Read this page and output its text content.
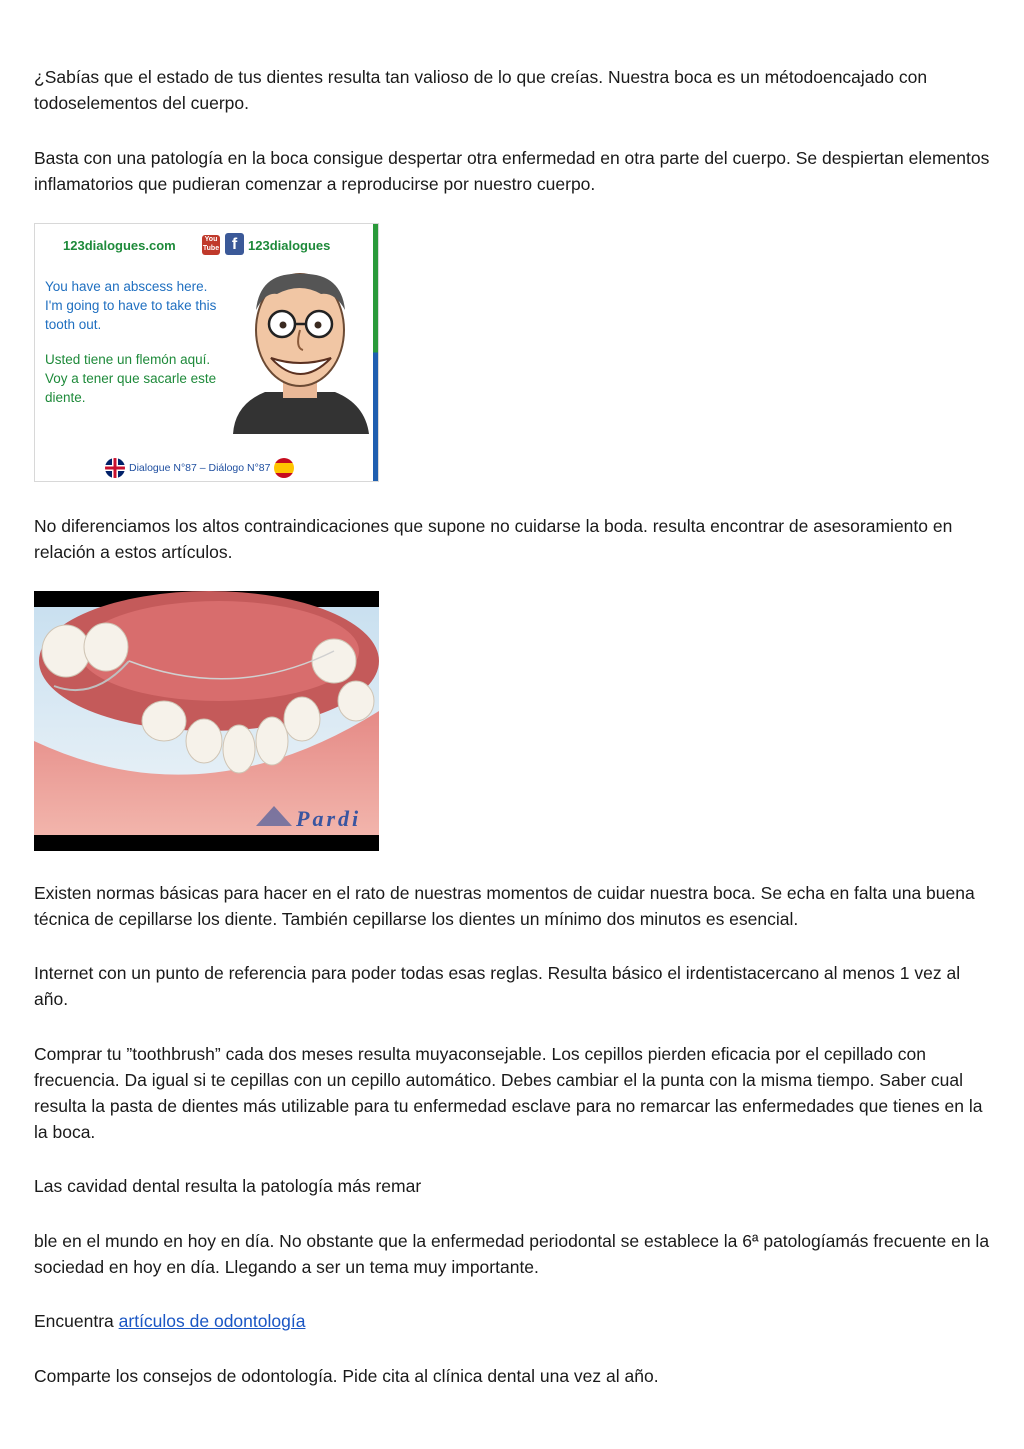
¿Sabías que el estado de tus dientes resulta tan valioso de lo que creías. Nuestra boca es un métodoencajado con todoselementos del cuerpo.

Basta con una patología en la boca consigue despertar otra enfermedad en otra parte del cuerpo. Se despiertan elementos inflamatorios que pudieran comenzar a reproducirse por nuestro cuerpo.

123dialogues.com	You
Tube f 123dialogues
You have an abscess here. I'm going to have to take this tooth out.
Usted tiene un flemón aquí. Voy a tener que sacarle este diente.
Dialogue N°87 – Diálogo N°87

No diferenciamos los altos contraindicaciones que supone no cuidarse la boda. resulta encontrar de asesoramiento en relación a estos artículos.

Pardi

Existen normas básicas para hacer en el rato de nuestras momentos de cuidar nuestra boca. Se echa en falta una buena técnica de cepillarse los diente. También cepillarse los dientes un mínimo dos minutos es esencial.

Internet con un punto de referencia para poder todas esas reglas. Resulta básico el irdentistacercano al menos 1 vez al año.

Comprar tu ”toothbrush” cada dos meses resulta muyaconsejable. Los cepillos pierden eficacia por el cepillado con frecuencia. Da igual si te cepillas con un cepillo automático. Debes cambiar el la punta con la misma tiempo. Saber cual resulta la pasta de dientes más utilizable para tu enfermedad esclave para no remarcar las enfermedades que tienes en la la boca.

Las cavidad dental resulta la patología más remar

ble en el mundo en hoy en día. No obstante que la enfermedad periodontal se establece la 6ª patologíamás frecuente en la sociedad en hoy en día. Llegando a ser un tema muy importante.

Encuentra artículos de odontología

Comparte los consejos de odontología. Pide cita al clínica dental una vez al año.
